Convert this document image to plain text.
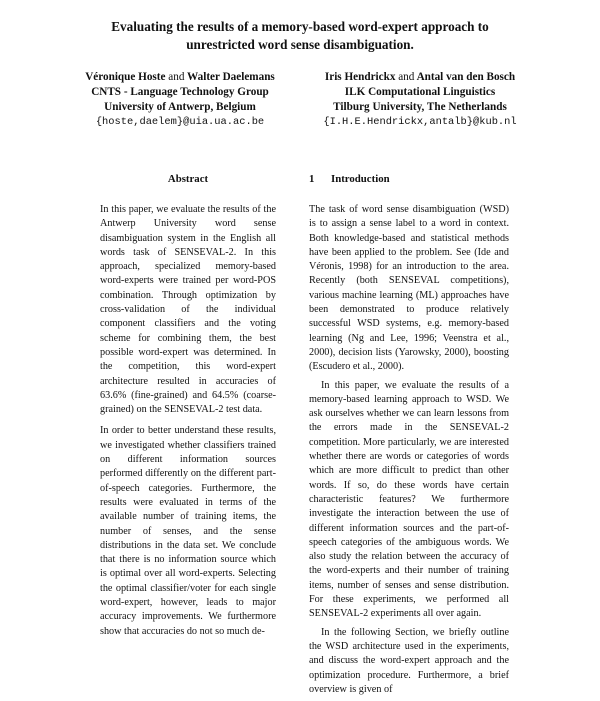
Evaluating the results of a memory-based word-expert approach to
unrestricted word sense disambiguation.
Véronique Hoste and Walter Daelemans
CNTS - Language Technology Group
University of Antwerp, Belgium
{hoste,daelem}@uia.ua.ac.be
Iris Hendrickx and Antal van den Bosch
ILK Computational Linguistics
Tilburg University, The Netherlands
{I.H.E.Hendrickx,antalb}@kub.nl
Abstract

In this paper, we evaluate the results of the Antwerp University word sense disambiguation system in the English all words task of SENSEVAL-2. In this approach, specialized memory-based word-experts were trained per word-POS combination. Through optimization by cross-validation of the individual component classifiers and the voting scheme for combining them, the best possible word-expert was determined. In the competition, this word-expert architecture resulted in accuracies of 63.6% (fine-grained) and 64.5% (coarse-grained) on the SENSEVAL-2 test data.

In order to better understand these results, we investigated whether classifiers trained on different information sources performed differently on the different part-of-speech categories. Furthermore, the results were evaluated in terms of the available number of training items, the number of senses, and the sense distributions in the data set. We conclude that there is no information source which is optimal over all word-experts. Selecting the optimal classifier/voter for each single word-expert, however, leads to major accuracy improvements. We furthermore show that accuracies do not so much de-

1 Introduction

The task of word sense disambiguation (WSD) is to assign a sense label to a word in context. Both knowledge-based and statistical methods have been applied to the problem. See (Ide and Véronis, 1998) for an introduction to the area. Recently (both SENSEVAL competitions), various machine learning (ML) approaches have been demonstrated to produce relatively successful WSD systems, e.g. memory-based learning (Ng and Lee, 1996; Veenstra et al., 2000), decision lists (Yarowsky, 2000), boosting (Escudero et al., 2000).

In this paper, we evaluate the results of a memory-based learning approach to WSD. We ask ourselves whether we can learn lessons from the errors made in the SENSEVAL-2 competition. More particularly, we are interested whether there are words or categories of words which are more difficult to predict than other words. If so, do these words have certain characteristic features? We furthermore investigate the interaction between the use of different information sources and the part-of-speech categories of the ambiguous words. We also study the relation between the accuracy of the word-experts and their number of training items, number of senses and sense distribution. For these experiments, we performed all SENSEVAL-2 experiments all over again.

In the following Section, we briefly outline the WSD architecture used in the experiments, and discuss the word-expert approach and the optimization procedure. Furthermore, a brief overview is given of
